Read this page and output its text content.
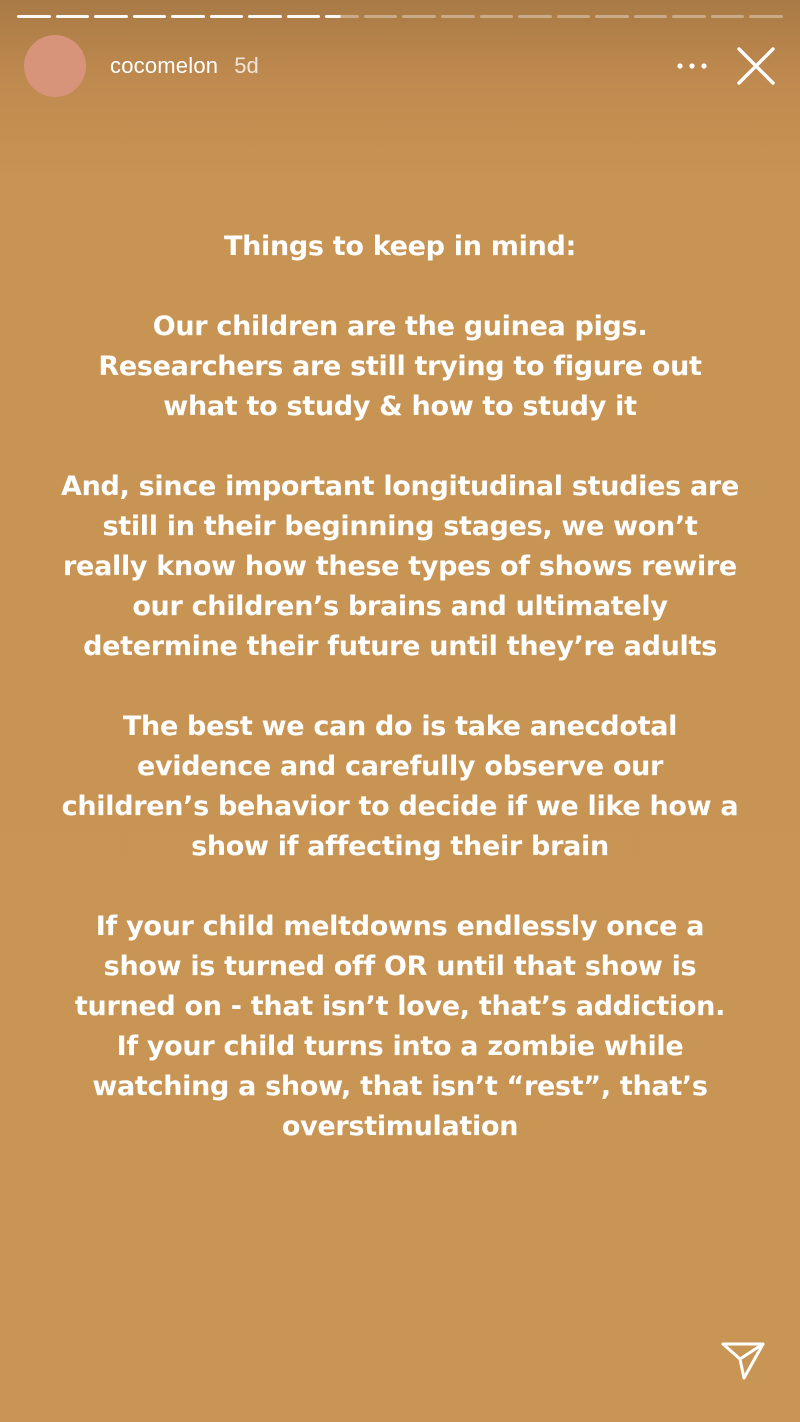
cocomelon 5d

Things to keep in mind:

Our children are the guinea pigs. Researchers are still trying to figure out what to study & how to study it

And, since important longitudinal studies are still in their beginning stages, we won’t really know how these types of shows rewire our children’s brains and ultimately determine their future until they’re adults

The best we can do is take anecdotal evidence and carefully observe our children’s behavior to decide if we like how a show if affecting their brain

If your child meltdowns endlessly once a show is turned off OR until that show is turned on - that isn’t love, that’s addiction. If your child turns into a zombie while watching a show, that isn’t “rest”, that’s overstimulation
